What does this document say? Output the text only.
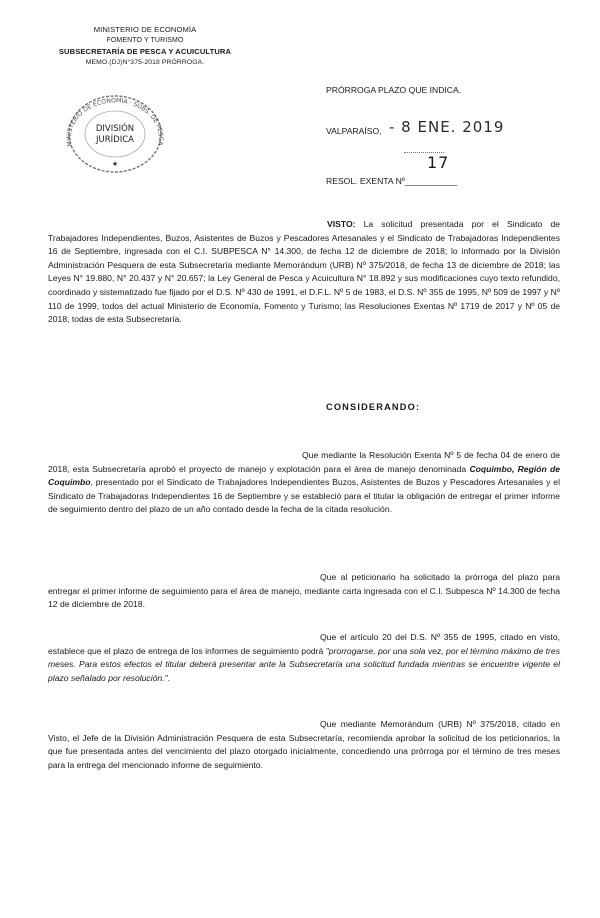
MINISTERIO DE ECONOMÍA
FOMENTO Y TURISMO
SUBSECRETARÍA DE PESCA Y ACUICULTURA
MEMO.(DJ)N°375-2018 PRÓRROGA.
MINISTERIO DE ECONOMÍA · SUBS. DE PESCA
DIVISIÓN
JURÍDICA
★
PRÓRROGA PLAZO QUE INDICA.
VALPARAÍSO, - 8 ENE. 2019
17
RESOL. EXENTA Nº___________

VISTO: La solicitud presentada por el Sindicato de Trabajadores Independientes, Buzos, Asistentes de Buzos y Pescadores Artesanales y el Sindicato de Trabajadoras Independientes 16 de Septiembre, ingresada con el C.I. SUBPESCA N° 14.300, de fecha 12 de diciembre de 2018; lo informado por la División Administración Pesquera de esta Subsecretaría mediante Memorándum (URB) Nº 375/2018, de fecha 13 de diciembre de 2018; las Leyes N° 19.880, N° 20.437 y N° 20.657; la Ley General de Pesca y Acuicultura N° 18.892 y sus modificaciones cuyo texto refundido, coordinado y sistematizado fue fijado por el D.S. Nº 430 de 1991, el D.F.L. Nº 5 de 1983, el D.S. Nº 355 de 1995, Nº 509 de 1997 y Nº 110 de 1999, todos del actual Ministerio de Economía, Fomento y Turismo; las Resoluciones Exentas Nº 1719 de 2017 y Nº 05 de 2018, todas de esta Subsecretaría.

CONSIDERANDO:

Que mediante la Resolución Exenta Nº 5 de fecha 04 de enero de 2018, esta Subsecretaría aprobó el proyecto de manejo y explotación para el área de manejo denominada Coquimbo, Región de Coquimbo, presentado por el Sindicato de Trabajadores Independientes Buzos, Asistentes de Buzos y Pescadores Artesanales y el Sindicato de Trabajadoras Independientes 16 de Septiembre y se estableció para el titular la obligación de entregar el primer informe de seguimiento dentro del plazo de un año contado desde la fecha de la citada resolución.

Que al peticionario ha solicitado la prórroga del plazo para entregar el primer informe de seguimiento para el área de manejo, mediante carta ingresada con el C.I. Subpesca Nº 14.300 de fecha 12 de diciembre de 2018.

Que el artículo 20 del D.S. Nº 355 de 1995, citado en visto, establece que el plazo de entrega de los informes de seguimiento podrá "prorrogarse, por una sola vez, por el término máximo de tres meses. Para estos efectos el titular deberá presentar ante la Subsecretaría una solicitud fundada mientras se encuentre vigente el plazo señalado por resolución.".

Que mediante Memorándum (URB) Nº 375/2018, citado en Visto, el Jefe de la División Administración Pesquera de esta Subsecretaría, recomienda aprobar la solicitud de los peticionarios, la que fue presentada antes del vencimiento del plazo otorgado inicialmente, concediendo una prórroga por el término de tres meses para la entrega del mencionado informe de seguimiento.
